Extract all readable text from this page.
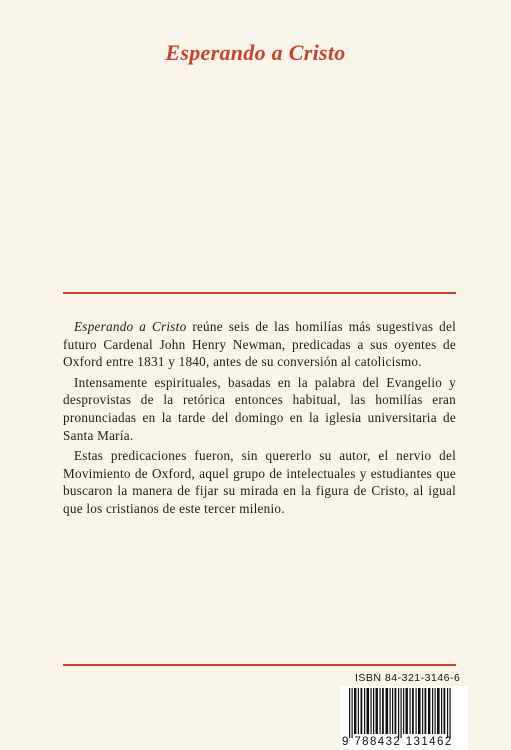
Esperando a Cristo

Esperando a Cristo reúne seis de las homilías más sugestivas del futuro Cardenal John Henry Newman, predicadas a sus oyentes de Oxford entre 1831 y 1840, antes de su conversión al catolicismo.

Intensamente espirituales, basadas en la palabra del Evangelio y desprovistas de la retórica entonces habitual, las homilías eran pronunciadas en la tarde del domingo en la iglesia universitaria de Santa María.

Estas predicaciones fueron, sin quererlo su autor, el nervio del Movimiento de Oxford, aquel grupo de intelectuales y estudiantes que buscaron la manera de fijar su mirada en la figura de Cristo, al igual que los cristianos de este tercer milenio.

ISBN 84-321-3146-6
9 788432 131462
